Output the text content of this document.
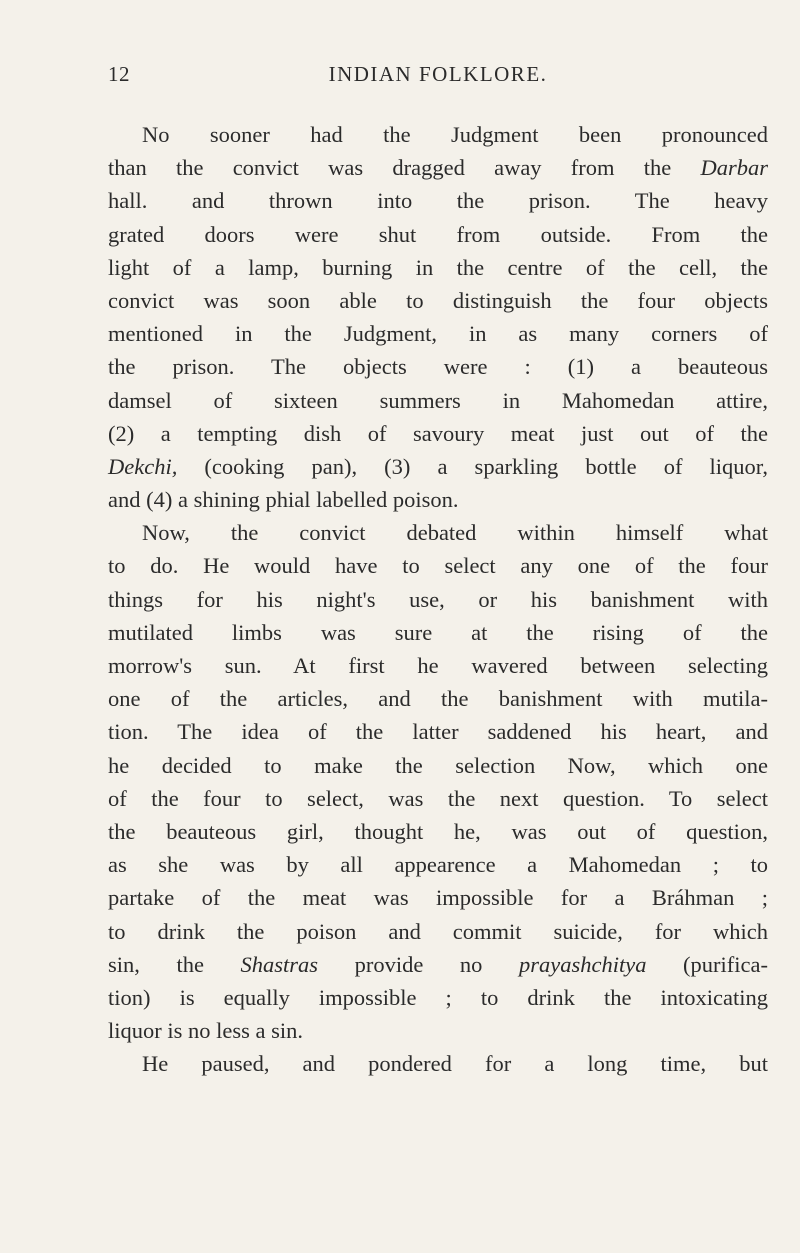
12	INDIAN FOLKLORE.
No sooner had the Judgment been pronounced
than the convict was dragged away from the Darbar
hall. and thrown into the prison. The heavy
grated doors were shut from outside. From the
light of a lamp, burning in the centre of the cell, the
convict was soon able to distinguish the four objects
mentioned in the Judgment, in as many corners of
the prison. The objects were : (1) a beauteous
damsel of sixteen summers in Mahomedan attire,
(2) a tempting dish of savoury meat just out of the
Dekchi, (cooking pan), (3) a sparkling bottle of liquor,
and (4) a shining phial labelled poison.
Now, the convict debated within himself what
to do. He would have to select any one of the four
things for his night's use, or his banishment with
mutilated limbs was sure at the rising of the
morrow's sun. At first he wavered between selecting
one of the articles, and the banishment with mutila-
tion. The idea of the latter saddened his heart, and
he decided to make the selection Now, which one
of the four to select, was the next question. To select
the beauteous girl, thought he, was out of question,
as she was by all appearence a Mahomedan ; to
partake of the meat was impossible for a Bráhman ;
to drink the poison and commit suicide, for which
sin, the Shastras provide no prayashchitya (purifica-
tion) is equally impossible ; to drink the intoxicating
liquor is no less a sin.
He paused, and pondered for a long time, but
